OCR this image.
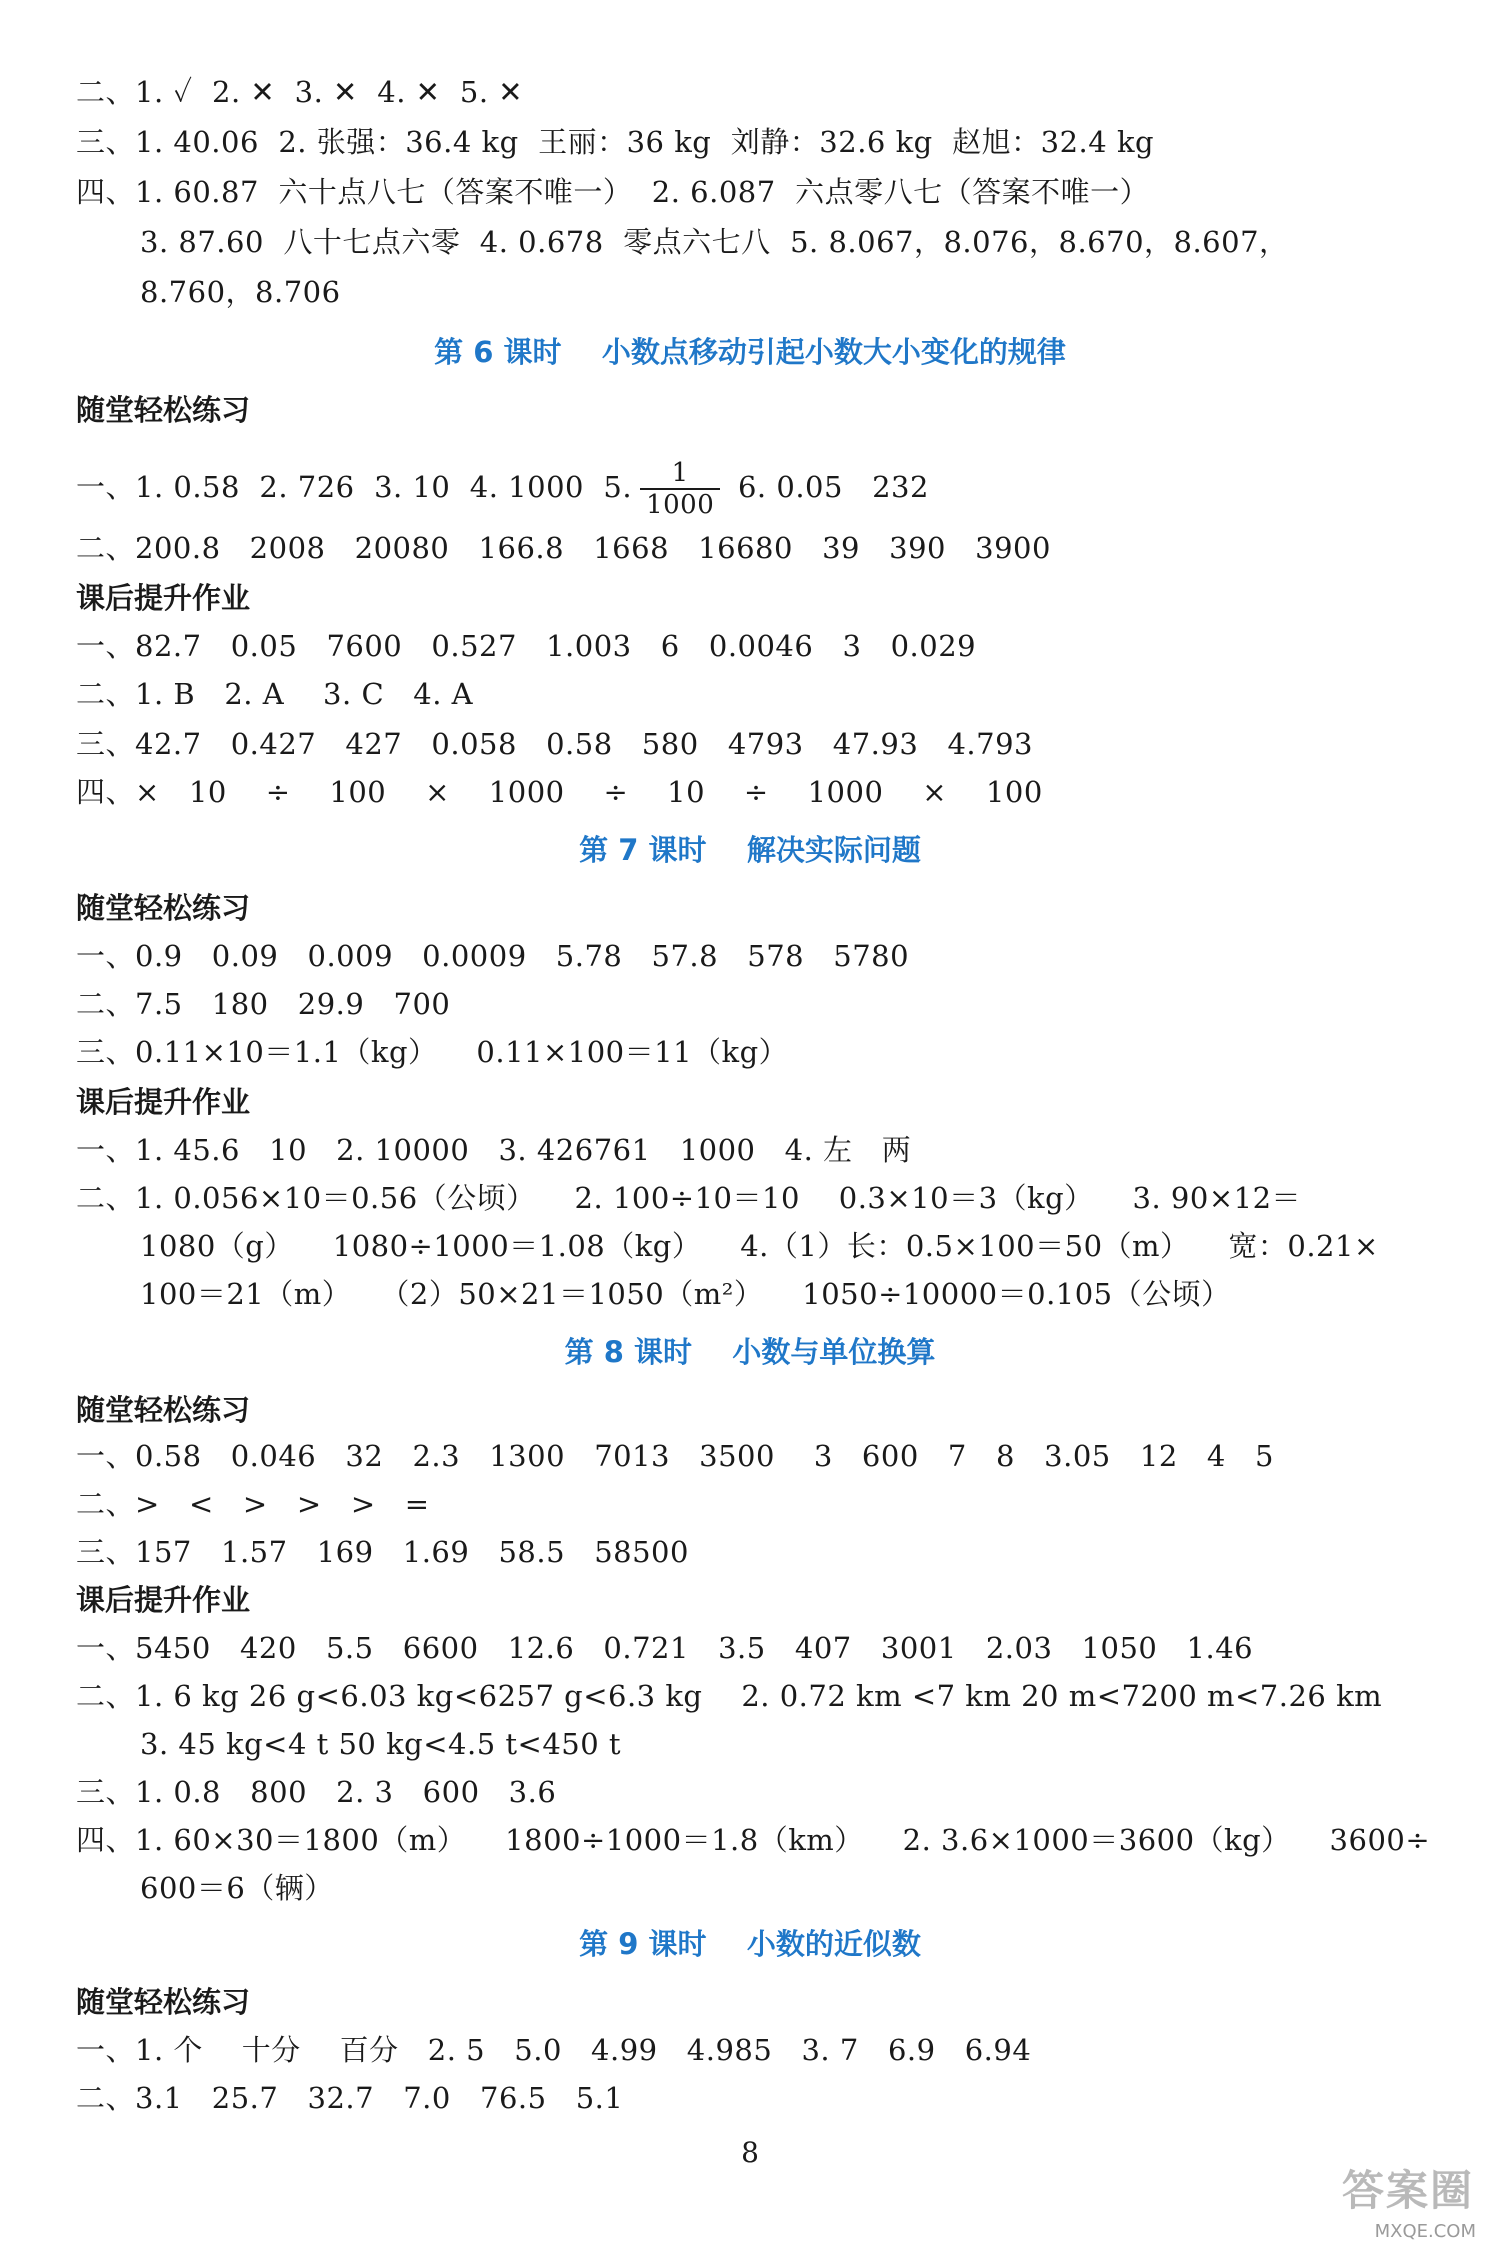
二、1. ✓  2. ✕  3. ✕  4. ✕  5. ✕
三、1. 40.06  2. 张强：36.4 kg  王丽：36 kg  刘静：32.6 kg  赵旭：32.4 kg
四、1. 60.87  六十点八七（答案不唯一）  2. 6.087  六点零八七（答案不唯一）
3. 87.60  八十七点六零  4. 0.678  零点六七八  5. 8.067，8.076，8.670，8.607，
8.760，8.706
第 6 课时    小数点移动引起小数大小变化的规律
随堂轻松练习
一、1. 0.58  2. 726  3. 10  4. 1000  5. $\frac{1}{1000} 6$. 0.05   232
二、200.8   2008   20080   166.8   1668   16680   39   390   3900
课后提升作业
一、82.7   0.05   7600   0.527   1.003   6   0.0046   3   0.029
二、1. B   2. A    3. C   4. A
三、42.7   0.427   427   0.058   0.58   580   4793   47.93   4.793
四、×   10    ÷    100    ×    1000    ÷    10    ÷    1000    ×    100
第 7 课时    解决实际问题
随堂轻松练习
一、0.9   0.09   0.009   0.0009   5.78   57.8   578   5780
二、7.5   180   29.9   700
三、0.11×10＝1.1（kg）    0.11×100＝11（kg）
课后提升作业
一、1. 45.6   10   2. 10000   3. 426761   1000   4. 左   两
二、1. 0.056×10＝0.56（公顷）    2. 100÷10＝10    0.3×10＝3（kg）    3. 90×12＝
1080（g）    1080÷1000＝1.08（kg）    4.（1）长：0.5×100＝50（m）    宽：0.21×
100＝21（m）   （2）50×21＝1050（m²）    1050÷10000＝0.105（公顷）
第 8 课时    小数与单位换算
随堂轻松练习
一、0.58   0.046   32   2.3   1300   7013   3500    3   600   7   8   3.05   12   4   5
二、>   <   >   >   >   =
三、157   1.57   169   1.69   58.5   58500
课后提升作业
一、5450   420   5.5   6600   12.6   0.721   3.5   407   3001   2.03   1050   1.46
二、1. 6 kg 26 g<6.03 kg<6257 g<6.3 kg    2. 0.72 km <7 km 20 m<7200 m<7.26 km
3. 45 kg<4 t 50 kg<4.5 t<450 t
三、1. 0.8   800   2. 3   600   3.6
四、1. 60×30＝1800（m）    1800÷1000＝1.8（km）    2. 3.6×1000＝3600（kg）    3600÷
600＝6（辆）
第 9 课时    小数的近似数
随堂轻松练习
一、1. 个    十分    百分   2. 5   5.0   4.99   4.985   3. 7   6.9   6.94
二、3.1   25.7   32.7   7.0   76.5   5.1
8
答案圈
MXQE.COM
